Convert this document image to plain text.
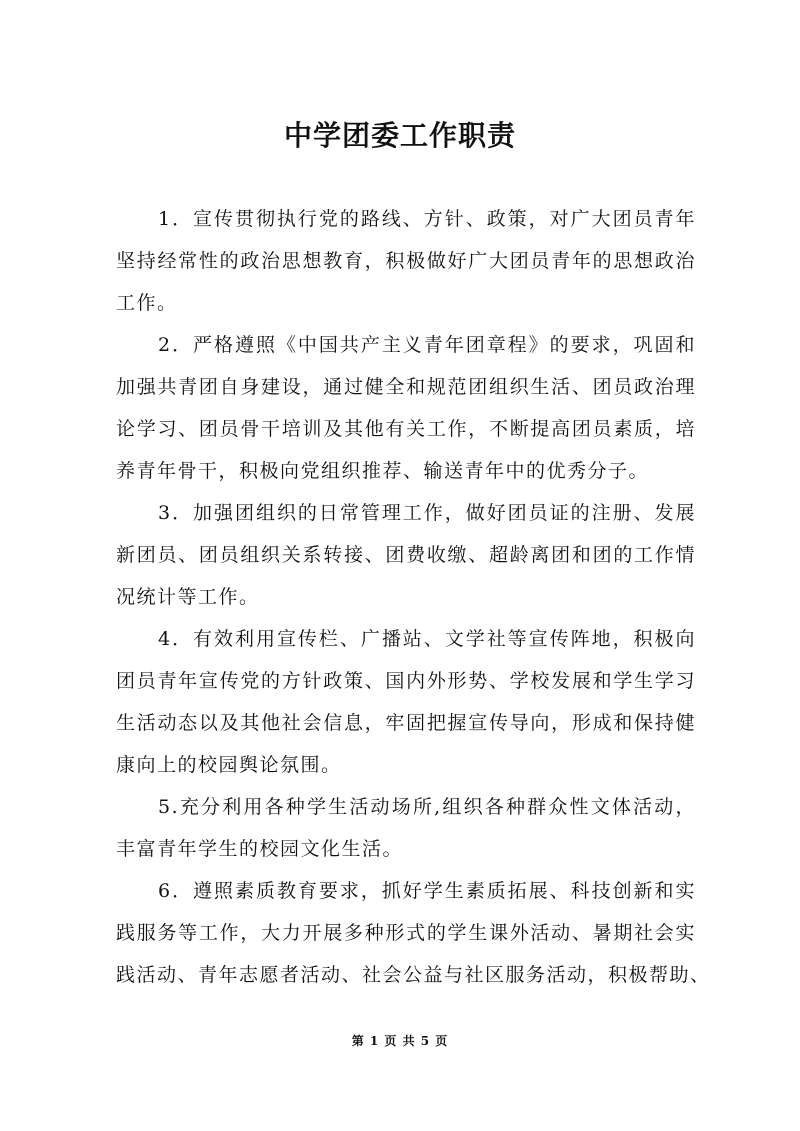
中学团委工作职责
1．宣传贯彻执行党的路线、方针、政策，对广大团员青年
坚持经常性的政治思想教育，积极做好广大团员青年的思想政治
工作。
2．严格遵照《中国共产主义青年团章程》的要求，巩固和
加强共青团自身建设，通过健全和规范团组织生活、团员政治理
论学习、团员骨干培训及其他有关工作，不断提高团员素质，培
养青年骨干，积极向党组织推荐、输送青年中的优秀分子。
3．加强团组织的日常管理工作，做好团员证的注册、发展
新团员、团员组织关系转接、团费收缴、超龄离团和团的工作情
况统计等工作。
4．有效利用宣传栏、广播站、文学社等宣传阵地，积极向
团员青年宣传党的方针政策、国内外形势、学校发展和学生学习
生活动态以及其他社会信息，牢固把握宣传导向，形成和保持健
康向上的校园舆论氛围。
5.充分利用各种学生活动场所,组织各种群众性文体活动，
丰富青年学生的校园文化生活。
6．遵照素质教育要求，抓好学生素质拓展、科技创新和实
践服务等工作，大力开展多种形式的学生课外活动、暑期社会实
践活动、青年志愿者活动、社会公益与社区服务活动，积极帮助、
第 1 页 共 5 页
